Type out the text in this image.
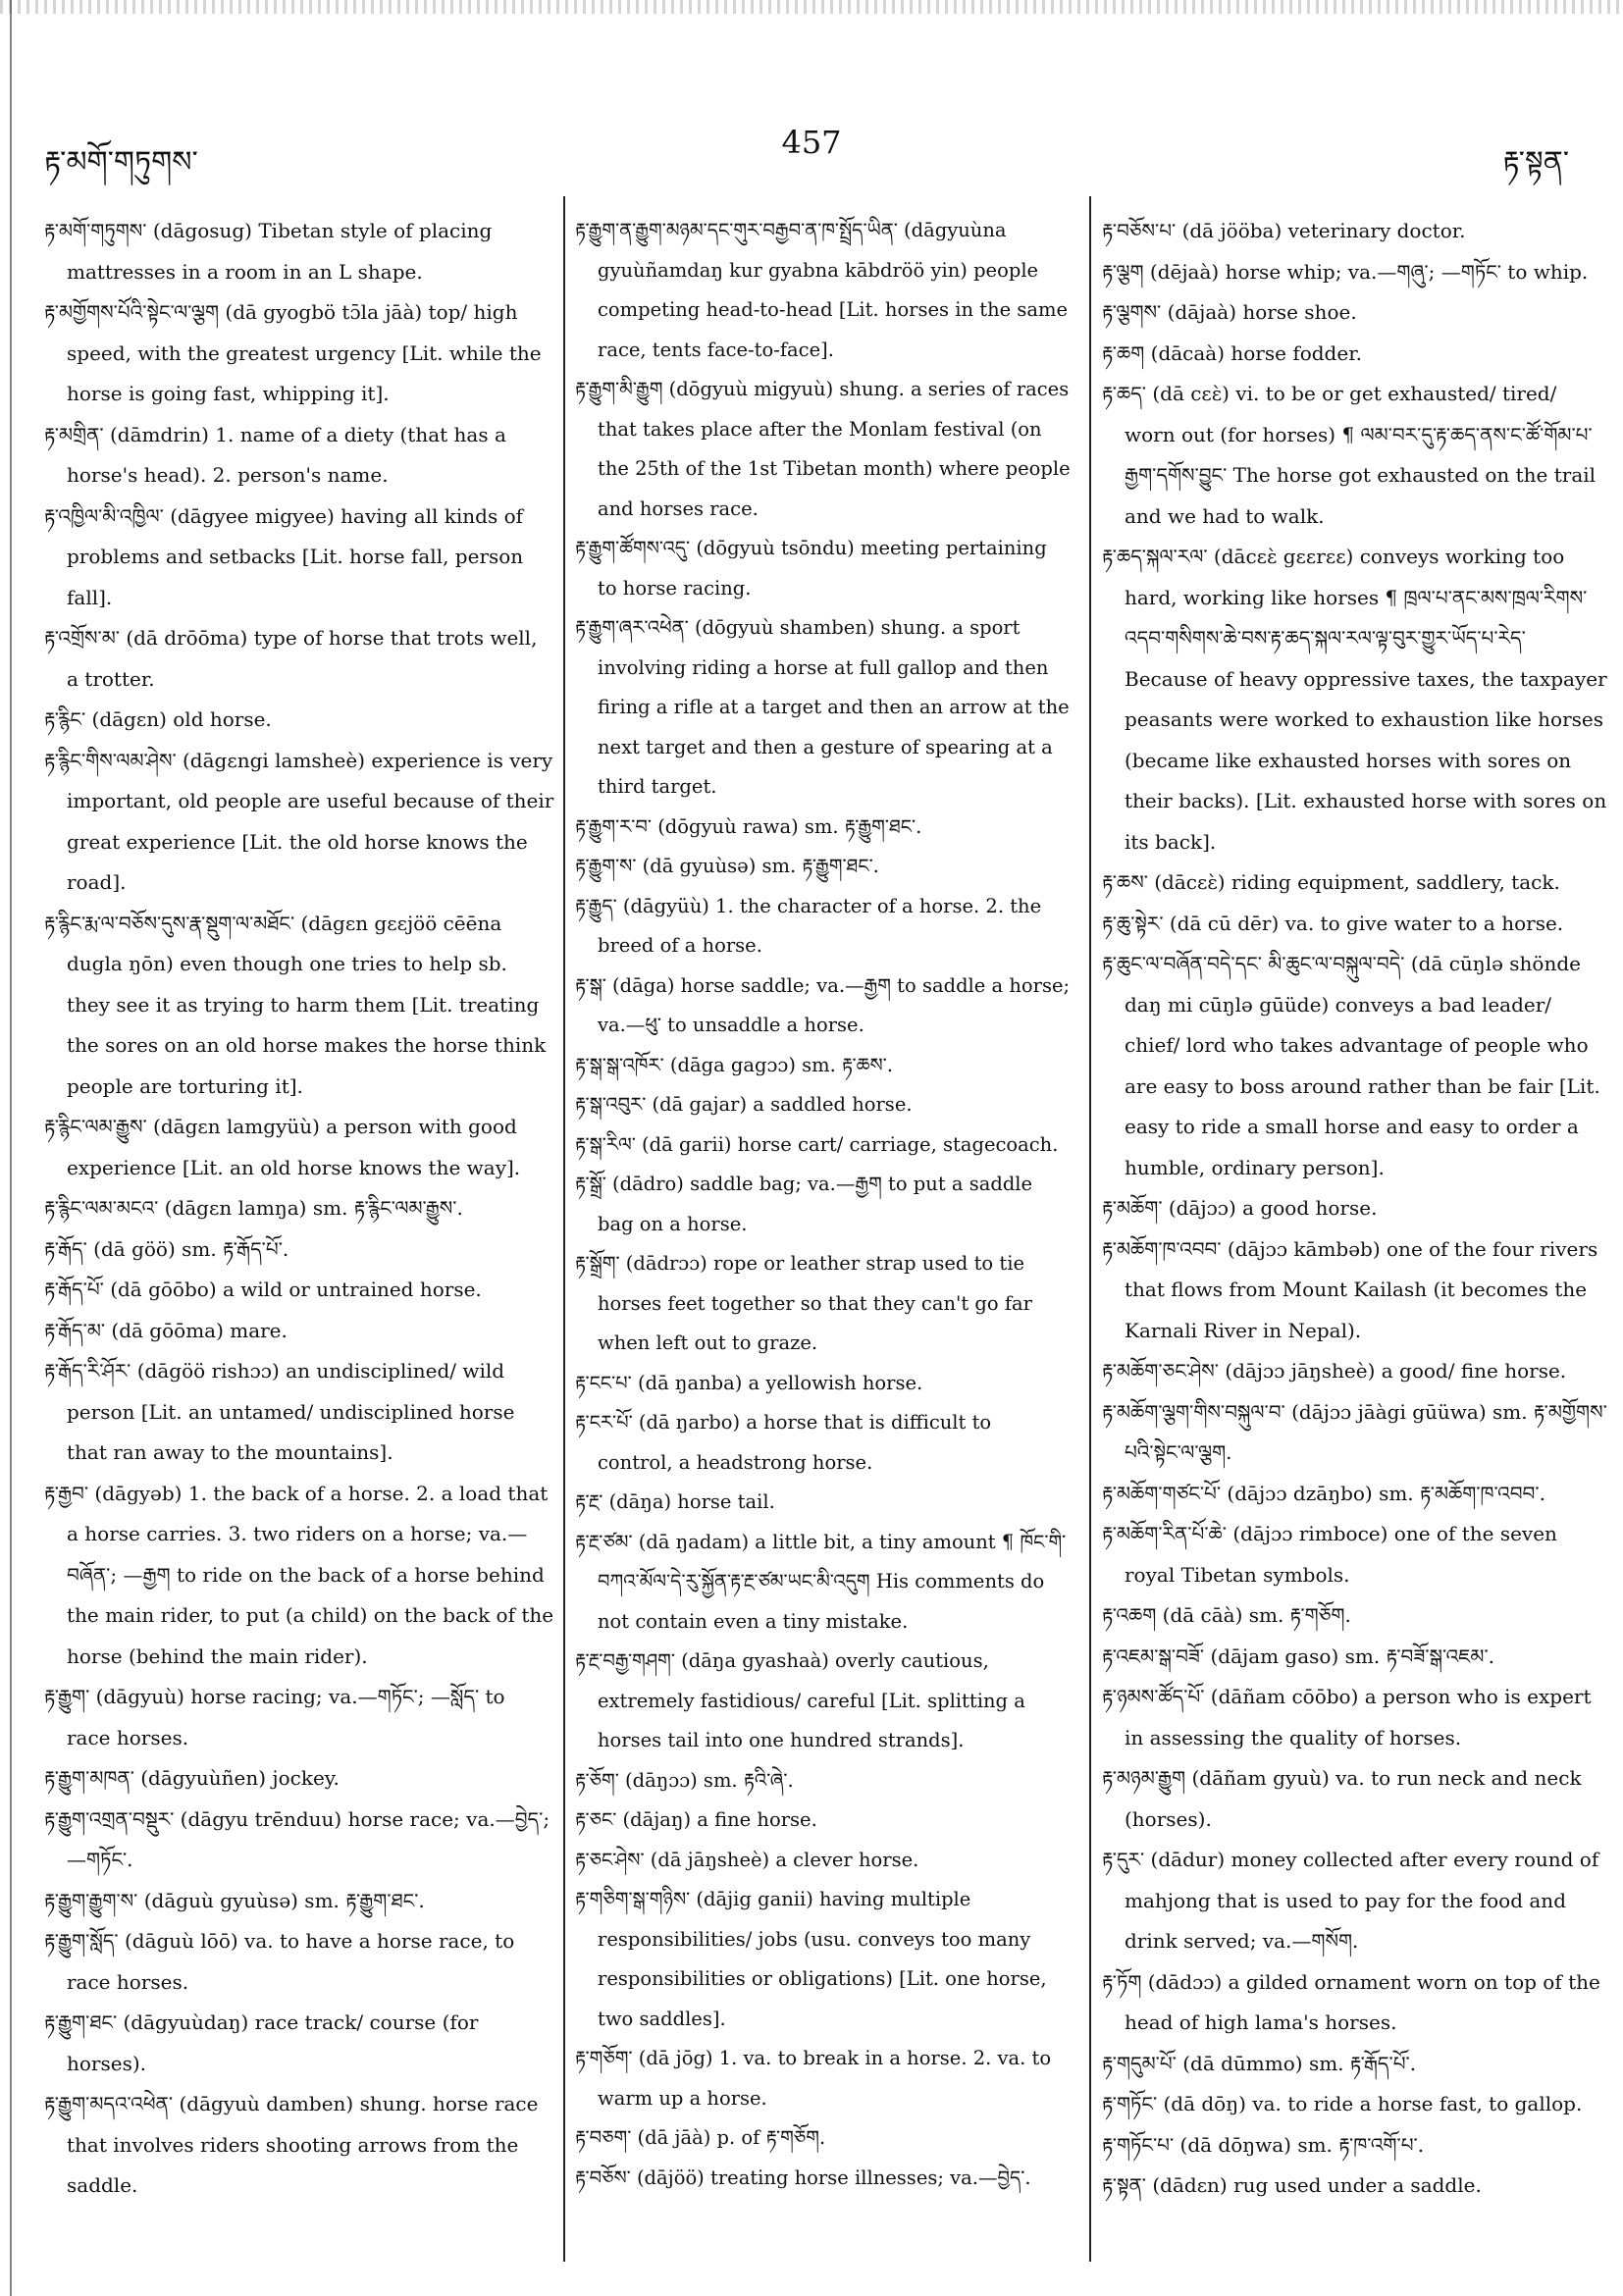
རྟ་མགོ་གཏུགས་
457
རྟ་སྟན་
རྟ་མགོ་གཏུགས་ (dāgosug) Tibetan style of placing mattresses in a room in an L shape.
རྟ་མགྱོགས་པོའི་སྟེང་ལ་ལྕག (dā gyogbö tɔ̄la jāà) top/ high speed, with the greatest urgency [Lit. while the horse is going fast, whipping it].
རྟ་མགྲིན་ (dāmdrin) 1. name of a diety (that has a horse's head). 2. person's name.
རྟ་འཁྱིལ་མི་འཁྱིལ་ (dāgyee migyee) having all kinds of problems and setbacks [Lit. horse fall, person fall].
རྟ་འགྲོས་མ་ (dā drōōma) type of horse that trots well, a trotter.
རྟ་རྙིང་ (dāgɛn) old horse.
རྟ་རྙིང་གིས་ལམ་ཤེས་ (dāgɛngi lamsheè) experience is very important, old people are useful because of their great experience [Lit. the old horse knows the road].
རྟ་རྙིང་རྨ་ལ་བཅོས་དུས་རྣ་སྡུག་ལ་མཐོང་ (dāgɛn gɛɛjöö cēēna dugla ŋōn) even though one tries to help sb. they see it as trying to harm them [Lit. treating the sores on an old horse makes the horse think people are torturing it].
རྟ་རྙིང་ལམ་རྒྱུས་ (dāgɛn lamgyüù) a person with good experience [Lit. an old horse knows the way].
རྟ་རྙིང་ལམ་མངའ་ (dāgɛn lamŋa) sm. རྟ་རྙིང་ལམ་རྒྱུས་.
རྟ་རྒོད་ (dā göö) sm. རྟ་རྒོད་པོ་.
རྟ་རྒོད་པོ་ (dā gōōbo) a wild or untrained horse.
རྟ་རྒོད་མ་ (dā gōōma) mare.
རྟ་རྒོད་རི་ཤོར་ (dāgöö rishɔɔ) an undisciplined/ wild person [Lit. an untamed/ undisciplined horse that ran away to the mountains].
རྟ་རྒྱབ་ (dāgyəb) 1. the back of a horse. 2. a load that a horse carries. 3. two riders on a horse; va.—བཞོན་; —རྒྱག to ride on the back of a horse behind the main rider, to put (a child) on the back of the horse (behind the main rider).
རྟ་རྒྱུག་ (dāgyuù) horse racing; va.—གཏོང་; —སློད་ to race horses.
རྟ་རྒྱུག་མཁན་ (dāgyuùñen) jockey.
རྟ་རྒྱུག་འགྲན་བསྡུར་ (dāgyu trēnduu) horse race; va.—བྱེད་; —གཏོང་.
རྟ་རྒྱུག་རྒྱུག་ས་ (dāguù gyuùsə) sm. རྟ་རྒྱུག་ཐང་.
རྟ་རྒྱུག་སློད་ (dāguù lōō) va. to have a horse race, to race horses.
རྟ་རྒྱུག་ཐང་ (dāgyuùdaŋ) race track/ course (for horses).
རྟ་རྒྱུག་མདའ་འཕེན་ (dāgyuù damben) shung. horse race that involves riders shooting arrows from the saddle.
རྟ་རྒྱུག་ན་རྒྱུག་མཉམ་དང་གུར་བརྒྱབ་ན་ཁ་སྤྲོད་ཡིན་ (dāgyuùna gyuùñamdaŋ kur gyabna kābdröö yin) people competing head-to-head [Lit. horses in the same race, tents face-to-face].
རྟ་རྒྱུག་མི་རྒྱུག (dōgyuù migyuù) shung. a series of races that takes place after the Monlam festival (on the 25th of the 1st Tibetan month) where people and horses race.
རྟ་རྒྱུག་ཚོགས་འདུ་ (dōgyuù tsōndu) meeting pertaining to horse racing.
རྟ་རྒྱུག་ཞར་འཕེན་ (dōgyuù shamben) shung. a sport involving riding a horse at full gallop and then firing a rifle at a target and then an arrow at the next target and then a gesture of spearing at a third target.
རྟ་རྒྱུག་ར་བ་ (dōgyuù rawa) sm. རྟ་རྒྱུག་ཐང་.
རྟ་རྒྱུག་ས་ (dā gyuùsə) sm. རྟ་རྒྱུག་ཐང་.
རྟ་རྒྱུད་ (dāgyüù) 1. the character of a horse. 2. the breed of a horse.
རྟ་སྒ་ (dāga) horse saddle; va.—རྒྱག to saddle a horse; va.—ཕུ་ to unsaddle a horse.
རྟ་སྒ་སྒ་འཁོར་ (dāga gagɔɔ) sm. རྟ་ཆས་.
རྟ་སྒ་འབུར་ (dā gajar) a saddled horse.
རྟ་སྒ་རིལ་ (dā garii) horse cart/ carriage, stagecoach.
རྟ་སྒྲོ་ (dādro) saddle bag; va.—རྒྱག to put a saddle bag on a horse.
རྟ་སྒྲོག་ (dādrɔɔ) rope or leather strap used to tie horses feet together so that they can't go far when left out to graze.
རྟ་ངང་པ་ (dā ŋanba) a yellowish horse.
རྟ་ངར་པོ་ (dā ŋarbo) a horse that is difficult to control, a headstrong horse.
རྟ་རྔ་ (dāŋa) horse tail.
རྟ་རྔ་ཙམ་ (dā ŋadam) a little bit, a tiny amount ¶ ཁོང་གི་བཀའ་མོལ་དེ་རུ་སྐྱོན་རྟ་རྔ་ཙམ་ཡང་མི་འདུག His comments do not contain even a tiny mistake.
རྟ་རྔ་བརྒྱ་གཤག་ (dāŋa gyashaà) overly cautious, extremely fastidious/ careful [Lit. splitting a horses tail into one hundred strands].
རྟ་ཅོག་ (dāŋɔɔ) sm. རྟའི་ཞེ་.
རྟ་ཅང་ (dājaŋ) a fine horse.
རྟ་ཅང་ཤེས་ (dā jāŋsheè) a clever horse.
རྟ་གཅིག་སྒ་གཉིས་ (dājig ganii) having multiple responsibilities/ jobs (usu. conveys too many responsibilities or obligations) [Lit. one horse, two saddles].
རྟ་གཅོག་ (dā jōg) 1. va. to break in a horse. 2. va. to warm up a horse.
རྟ་བཅག་ (dā jāà) p. of རྟ་གཅོག.
རྟ་བཅོས་ (dājöö) treating horse illnesses; va.—བྱེད་.
རྟ་བཅོས་པ་ (dā jööba) veterinary doctor.
རྟ་ལྕག (dējaà) horse whip; va.—གཞུ་; —གཏོང་ to whip.
རྟ་ལྕགས་ (dājaà) horse shoe.
རྟ་ཆག (dācaà) horse fodder.
རྟ་ཆད་ (dā cɛɛ̀) vi. to be or get exhausted/ tired/ worn out (for horses) ¶ ལམ་བར་དུ་རྟ་ཆད་ནས་ང་ཚོ་གོམ་པ་རྒྱག་དགོས་བྱུང་ The horse got exhausted on the trail and we had to walk.
རྟ་ཆད་སྐལ་རལ་ (dācɛɛ̀ gɛɛrɛɛ) conveys working too hard, working like horses ¶ ཁྲལ་པ་ནང་མས་ཁྲལ་རིགས་འདབ་གསིགས་ཆེ་བས་རྟ་ཆད་སྐལ་རལ་ལྟ་བུར་གྱུར་ཡོད་པ་རེད་ Because of heavy oppressive taxes, the taxpayer peasants were worked to exhaustion like horses (became like exhausted horses with sores on their backs). [Lit. exhausted horse with sores on its back].
རྟ་ཆས་ (dācɛɛ̀) riding equipment, saddlery, tack.
རྟ་ཆུ་སྟེར་ (dā cū dēr) va. to give water to a horse.
རྟ་ཆུང་ལ་བཞོན་བདེ་དང་ མི་ཆུང་ལ་བསྐུལ་བདེ་ (dā cūŋlə shönde daŋ mi cūŋlə gūüde) conveys a bad leader/ chief/ lord who takes advantage of people who are easy to boss around rather than be fair [Lit. easy to ride a small horse and easy to order a humble, ordinary person].
རྟ་མཆོག་ (dājɔɔ) a good horse.
རྟ་མཆོག་ཁ་འབབ་ (dājɔɔ kāmbəb) one of the four rivers that flows from Mount Kailash (it becomes the Karnali River in Nepal).
རྟ་མཆོག་ཅང་ཤེས་ (dājɔɔ jāŋsheè) a good/ fine horse.
རྟ་མཆོག་ལྕག་གིས་བསྐུལ་བ་ (dājɔɔ jāàgi gūüwa) sm. རྟ་མགྱོགས་པའི་སྟེང་ལ་ལྕག.
རྟ་མཆོག་གཙང་པོ་ (dājɔɔ dzāŋbo) sm. རྟ་མཆོག་ཁ་འབབ་.
རྟ་མཆོག་རིན་པོ་ཆེ་ (dājɔɔ rimboce) one of the seven royal Tibetan symbols.
རྟ་འཆག (dā cāà) sm. རྟ་གཅོག.
རྟ་འཇམ་སྒ་བཟོ་ (dājam gaso) sm. རྟ་བཟོ་སྒ་འཇམ་.
རྟ་ཉམས་ཚོད་པོ་ (dāñam cōōbo) a person who is expert in assessing the quality of horses.
རྟ་མཉམ་རྒྱུག (dāñam gyuù) va. to run neck and neck (horses).
རྟ་དུར་ (dādur) money collected after every round of mahjong that is used to pay for the food and drink served; va.—གསོག.
རྟ་ཏོག (dādɔɔ) a gilded ornament worn on top of the head of high lama's horses.
རྟ་གདུམ་པོ་ (dā dūmmo) sm. རྟ་རྒོད་པོ་.
རྟ་གཏོང་ (dā dōŋ) va. to ride a horse fast, to gallop.
རྟ་གཏོང་པ་ (dā dōŋwa) sm. རྟ་ཁ་འགོ་པ་.
རྟ་སྟན་ (dādɛn) rug used under a saddle.
